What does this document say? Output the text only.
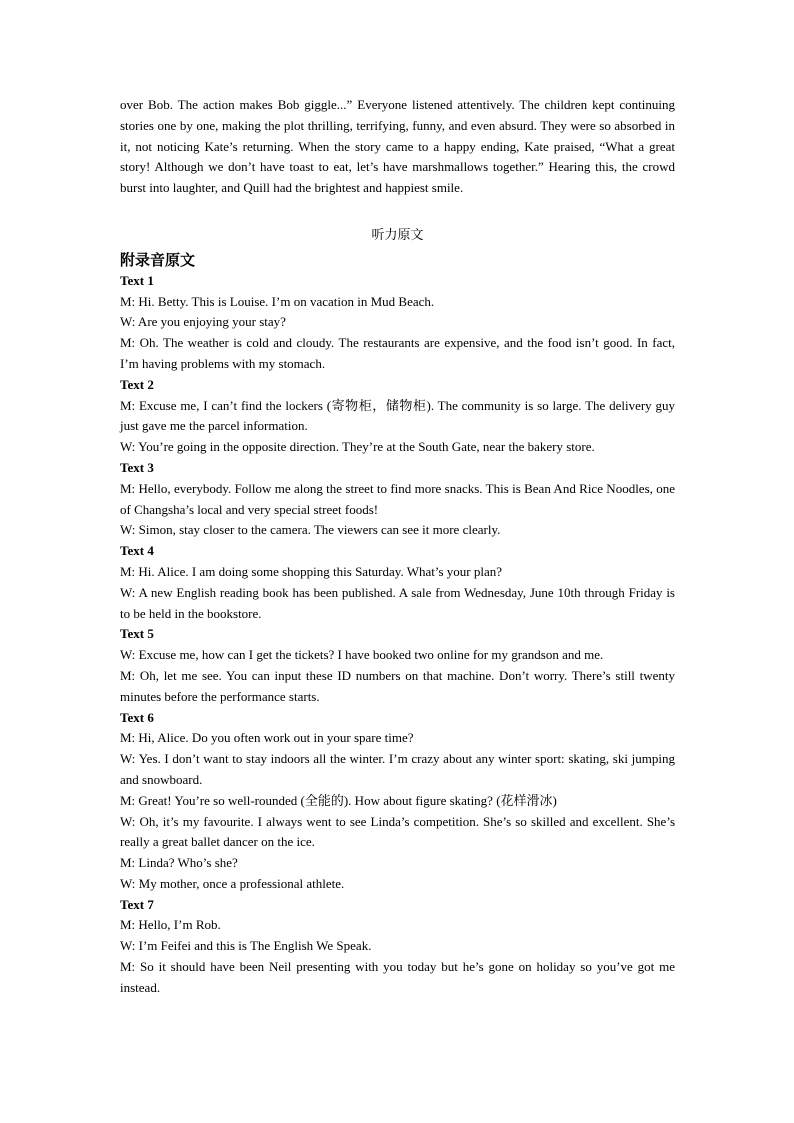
over Bob. The action makes Bob giggle...” Everyone listened attentively. The children kept continuing stories one by one, making the plot thrilling, terrifying, funny, and even absurd. They were so absorbed in it, not noticing Kate’s returning. When the story came to a happy ending, Kate praised, “What a great story! Although we don’t have toast to eat, let’s have marshmallows together.” Hearing this, the crowd burst into laughter, and Quill had the brightest and happiest smile.

听力原文
附录音原文
Text 1

M: Hi. Betty. This is Louise. I’m on vacation in Mud Beach.

W: Are you enjoying your stay?

M: Oh. The weather is cold and cloudy. The restaurants are expensive, and the food isn’t good. In fact, I’m having problems with my stomach.

Text 2

M: Excuse me, I can’t find the lockers (寄物柜，储物柜). The community is so large. The delivery guy just gave me the parcel information.

W: You’re going in the opposite direction. They’re at the South Gate, near the bakery store.

Text 3

M: Hello, everybody. Follow me along the street to find more snacks. This is Bean And Rice Noodles, one of Changsha’s local and very special street foods!

W: Simon, stay closer to the camera. The viewers can see it more clearly.

Text 4

M: Hi. Alice. I am doing some shopping this Saturday. What’s your plan?

W: A new English reading book has been published. A sale from Wednesday, June 10th through Friday is to be held in the bookstore.

Text 5

W: Excuse me, how can I get the tickets? I have booked two online for my grandson and me.

M: Oh, let me see. You can input these ID numbers on that machine. Don’t worry. There’s still twenty minutes before the performance starts.

Text 6

M: Hi, Alice. Do you often work out in your spare time?

W: Yes. I don’t want to stay indoors all the winter. I’m crazy about any winter sport: skating, ski jumping and snowboard.

M: Great! You’re so well-rounded (全能的). How about figure skating? (花样滑冰)

W: Oh, it’s my favourite. I always went to see Linda’s competition. She’s so skilled and excellent. She’s really a great ballet dancer on the ice.

M: Linda? Who’s she?

W: My mother, once a professional athlete.

Text 7

M: Hello, I’m Rob.

W: I’m Feifei and this is The English We Speak.

M: So it should have been Neil presenting with you today but he’s gone on holiday so you’ve got me instead.
